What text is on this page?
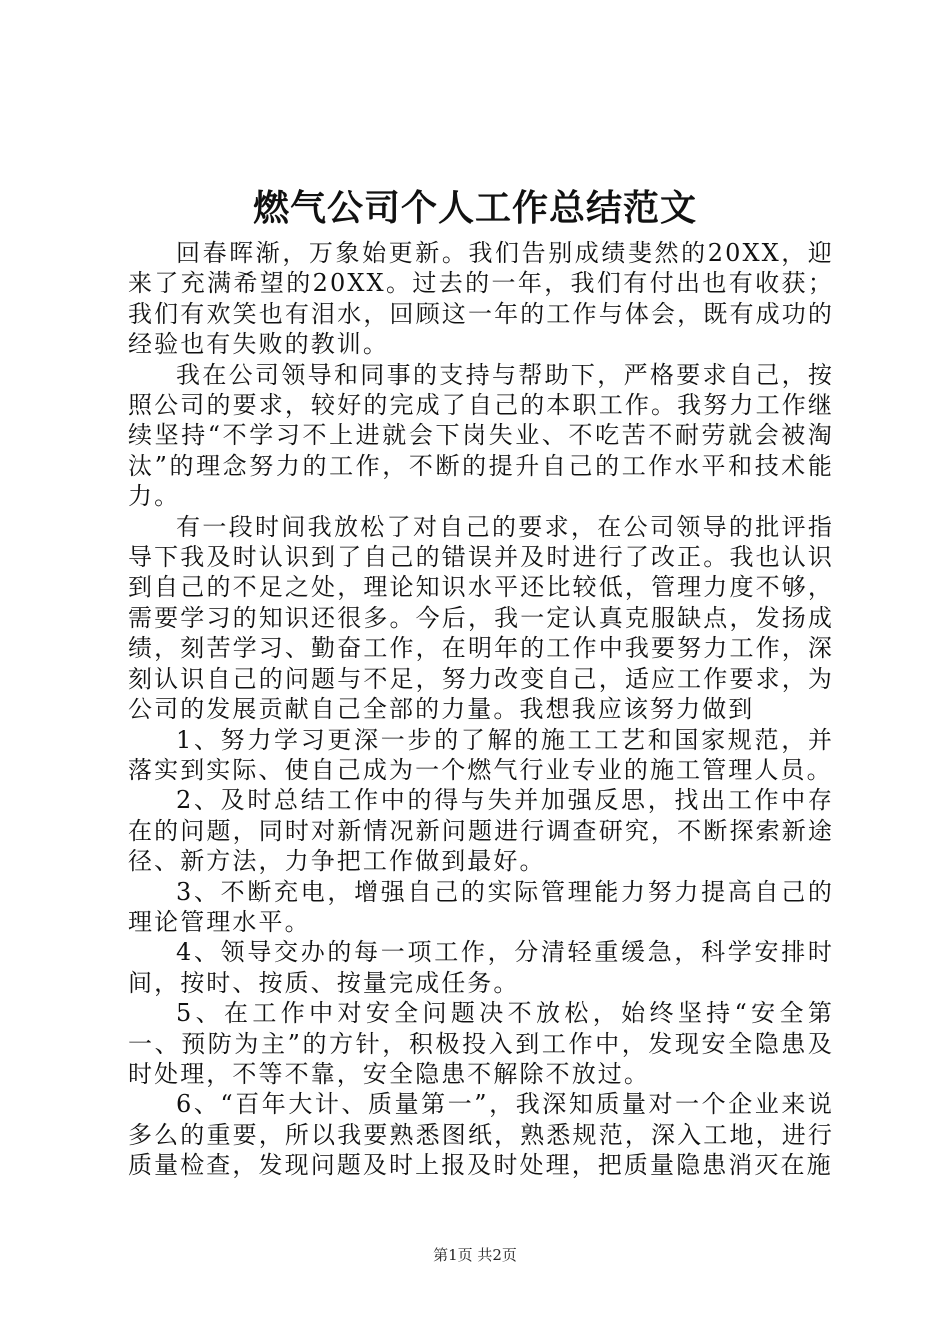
燃气公司个人工作总结范文

回春晖渐，万象始更新。我们告别成绩斐然的20XX，迎来了充满希望的20XX。过去的一年，我们有付出也有收获；我们有欢笑也有泪水，回顾这一年的工作与体会，既有成功的经验也有失败的教训。

我在公司领导和同事的支持与帮助下，严格要求自己，按照公司的要求，较好的完成了自己的本职工作。我努力工作继续坚持“不学习不上进就会下岗失业、不吃苦不耐劳就会被淘汰”的理念努力的工作，不断的提升自己的工作水平和技术能力。

有一段时间我放松了对自己的要求，在公司领导的批评指导下我及时认识到了自己的错误并及时进行了改正。我也认识到自己的不足之处，理论知识水平还比较低，管理力度不够，需要学习的知识还很多。今后，我一定认真克服缺点，发扬成绩，刻苦学习、勤奋工作，在明年的工作中我要努力工作，深刻认识自己的问题与不足，努力改变自己，适应工作要求，为公司的发展贡献自己全部的力量。我想我应该努力做到

1、努力学习更深一步的了解的施工工艺和国家规范，并落实到实际、使自己成为一个燃气行业专业的施工管理人员。

2、及时总结工作中的得与失并加强反思，找出工作中存在的问题，同时对新情况新问题进行调查研究，不断探索新途径、新方法，力争把工作做到最好。

3、不断充电，增强自己的实际管理能力努力提高自己的理论管理水平。

4、领导交办的每一项工作，分清轻重缓急，科学安排时间，按时、按质、按量完成任务。

5、在工作中对安全问题决不放松，始终坚持“安全第一、预防为主”的方针，积极投入到工作中，发现安全隐患及时处理，不等不靠，安全隐患不解除不放过。

6、“百年大计、质量第一”，我深知质量对一个企业来说多么的重要，所以我要熟悉图纸，熟悉规范，深入工地，进行质量检查，发现问题及时上报及时处理，把质量隐患消灭在施

第1页 共2页
